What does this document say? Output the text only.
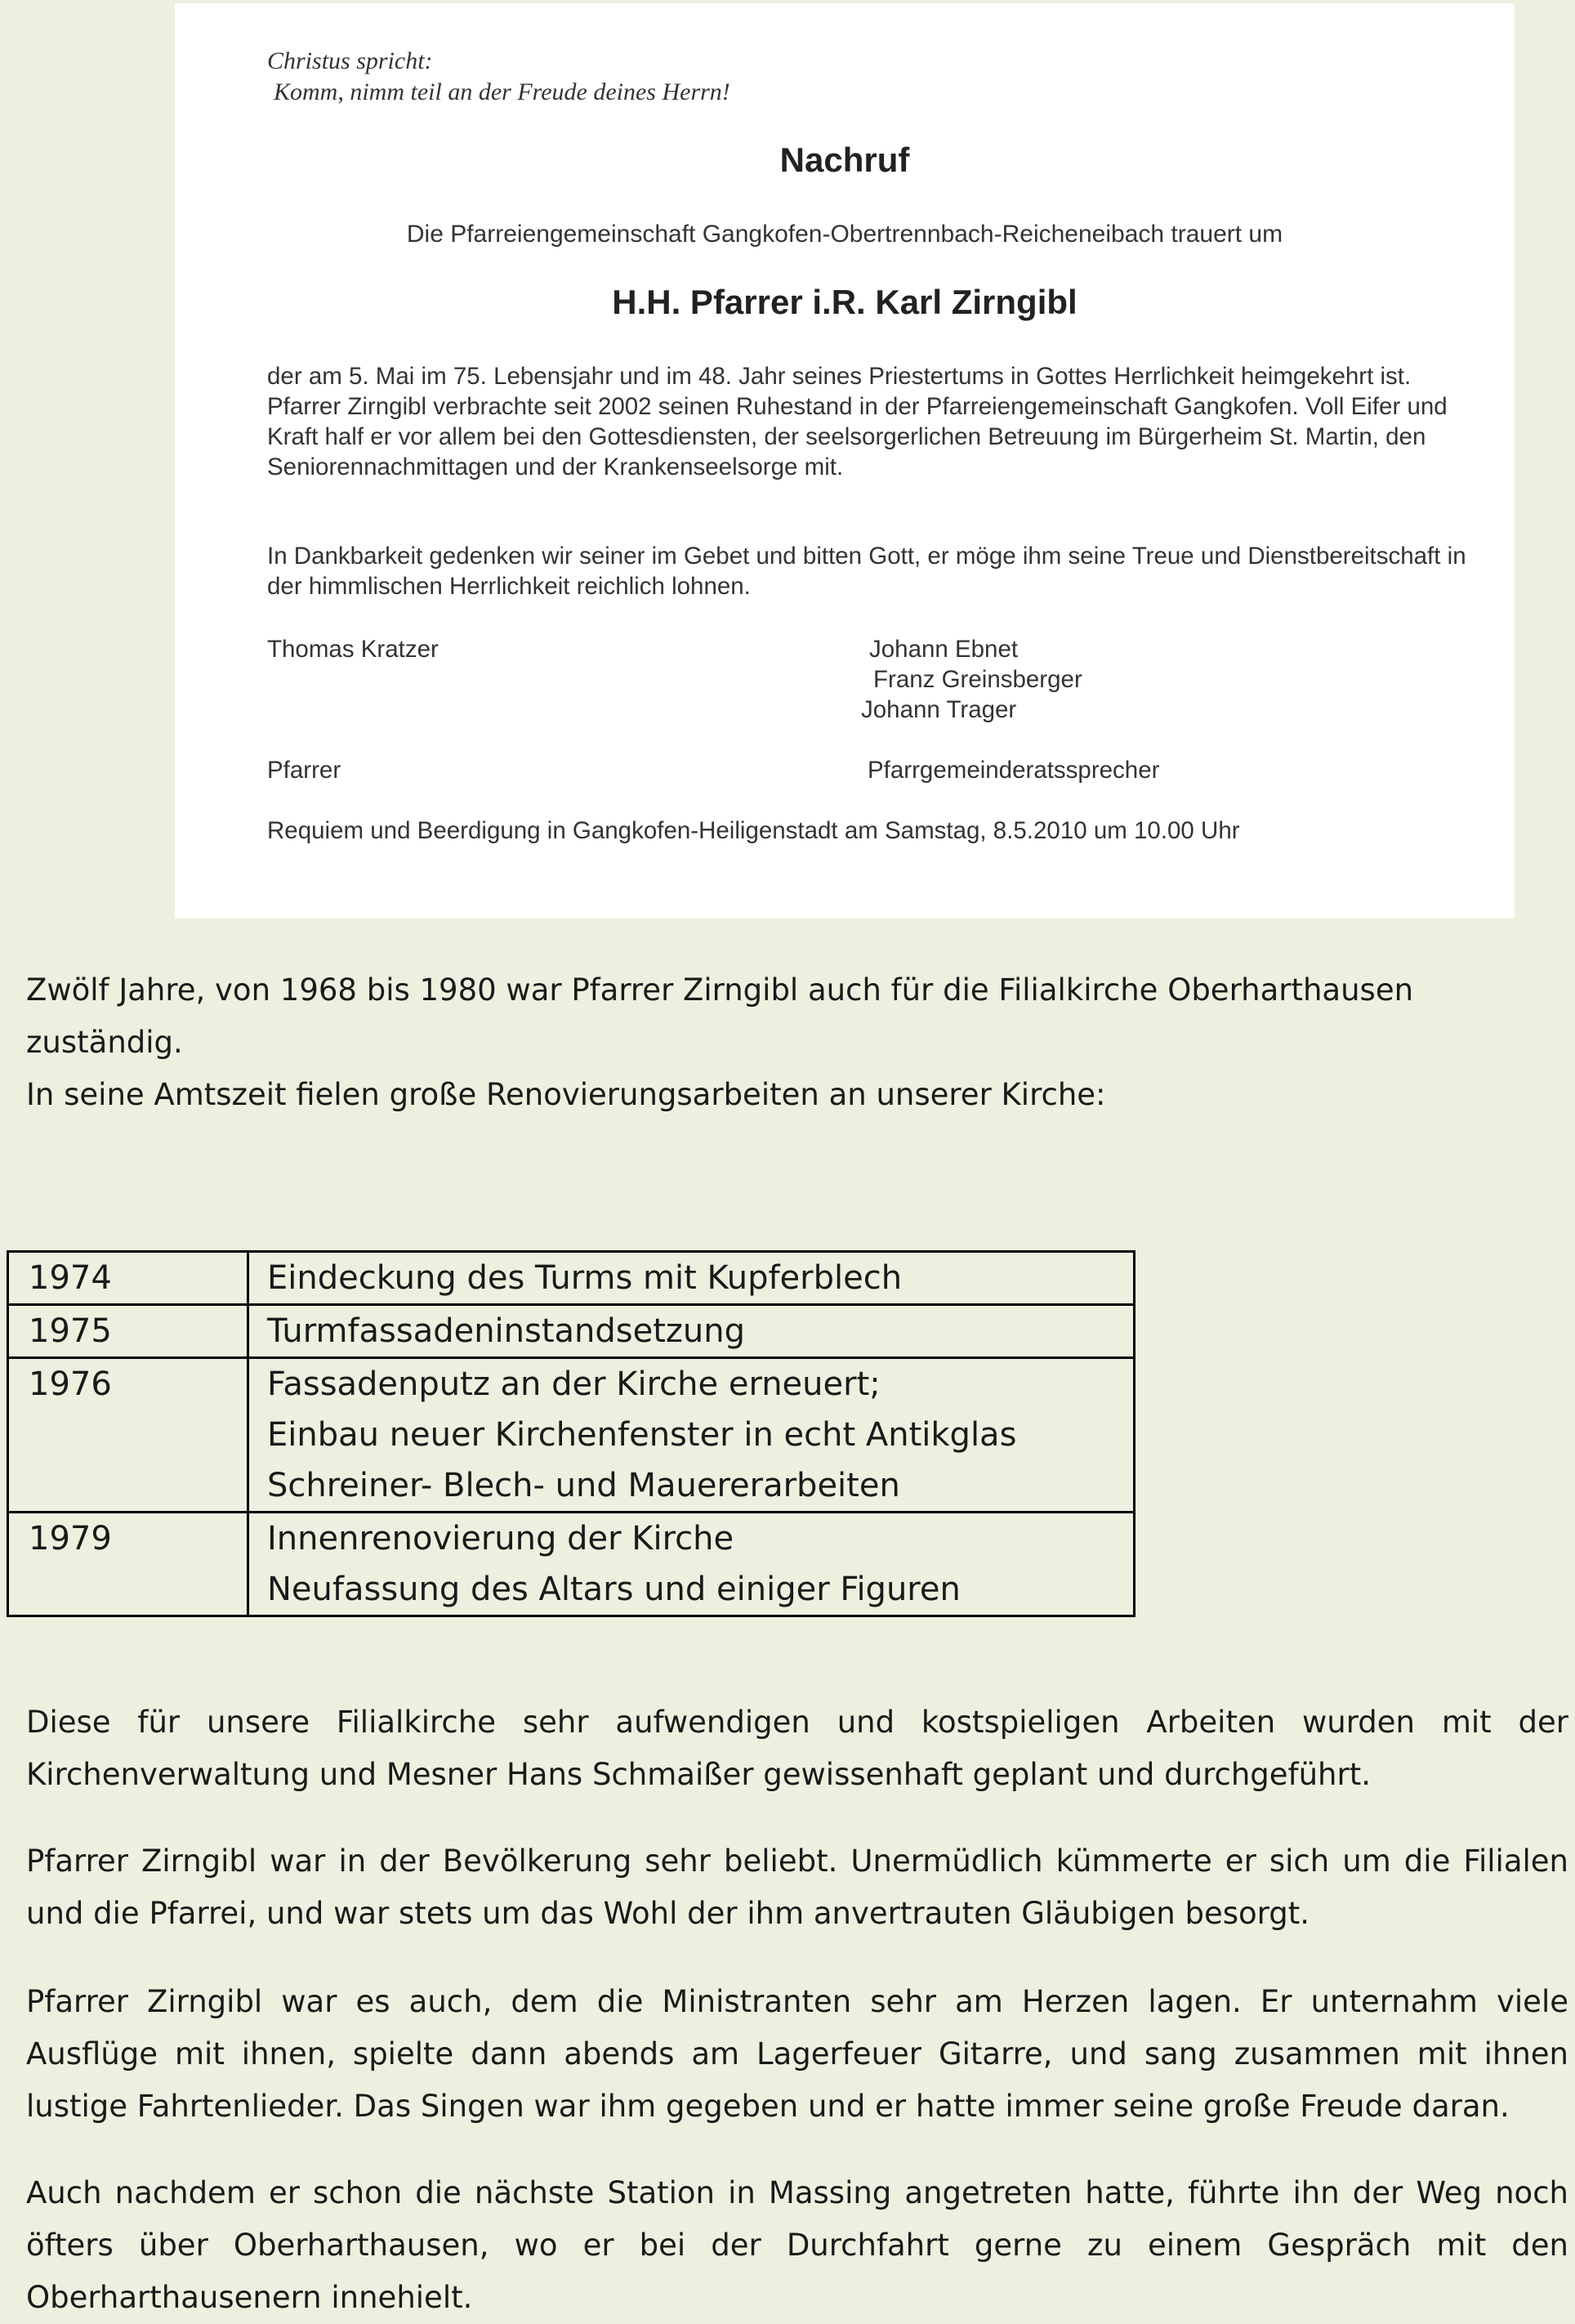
Christus spricht:
Komm, nimm teil an der Freude deines Herrn!
Nachruf
Die Pfarreiengemeinschaft Gangkofen-Obertrennbach-Reicheneibach trauert um
H.H. Pfarrer i.R. Karl Zirngibl
der am 5. Mai im 75. Lebensjahr und im 48. Jahr seines Priestertums in Gottes Herrlichkeit heimgekehrt ist. Pfarrer Zirngibl verbrachte seit 2002 seinen Ruhestand in der Pfarreiengemeinschaft Gangkofen. Voll Eifer und Kraft half er vor allem bei den Gottesdiensten, der seelsorgerlichen Betreuung im Bürgerheim St. Martin, den Seniorennachmittagen und der Krankenseelsorge mit.
In Dankbarkeit gedenken wir seiner im Gebet und bitten Gott, er möge ihm seine Treue und Dienstbereitschaft in der himmlischen Herrlichkeit reichlich lohnen.
Thomas Kratzer	Johann Ebnet
Franz Greinsberger
Johann Trager
Pfarrer	Pfarrgemeinderatssprecher
Requiem und Beerdigung in Gangkofen-Heiligenstadt am Samstag, 8.5.2010 um 10.00 Uhr
Zwölf Jahre, von 1968 bis 1980 war Pfarrer Zirngibl auch für die Filialkirche Oberharthausen
zuständig.
In seine Amtszeit fielen große Renovierungsarbeiten an unserer Kirche:
1974	Eindeckung des Turms mit Kupferblech

1975	Turmfassadeninstandsetzung

1976	Fassadenputz an der Kirche erneuert;
Einbau neuer Kirchenfenster in echt Antikglas
Schreiner- Blech- und Mauererarbeiten

1979	Innenrenovierung der Kirche
Neufassung des Altars und einiger Figuren
Diese für unsere Filialkirche sehr aufwendigen und kostspieligen Arbeiten wurden mit der Kirchenverwaltung und Mesner Hans Schmaißer gewissenhaft geplant und durchgeführt.
Pfarrer Zirngibl war in der Bevölkerung sehr beliebt. Unermüdlich kümmerte er sich um die Filialen und die Pfarrei, und war stets um das Wohl der ihm anvertrauten Gläubigen besorgt.
Pfarrer Zirngibl war es auch, dem die Ministranten sehr am Herzen lagen. Er unternahm viele Ausflüge mit ihnen, spielte dann abends am Lagerfeuer Gitarre, und sang zusammen mit ihnen lustige Fahrtenlieder. Das Singen war ihm gegeben und er hatte immer seine große Freude daran.
Auch nachdem er schon die nächste Station in Massing angetreten hatte, führte ihn der Weg noch öfters über Oberharthausen, wo er bei der Durchfahrt gerne zu einem Gespräch mit den Oberharthausenern innehielt.
